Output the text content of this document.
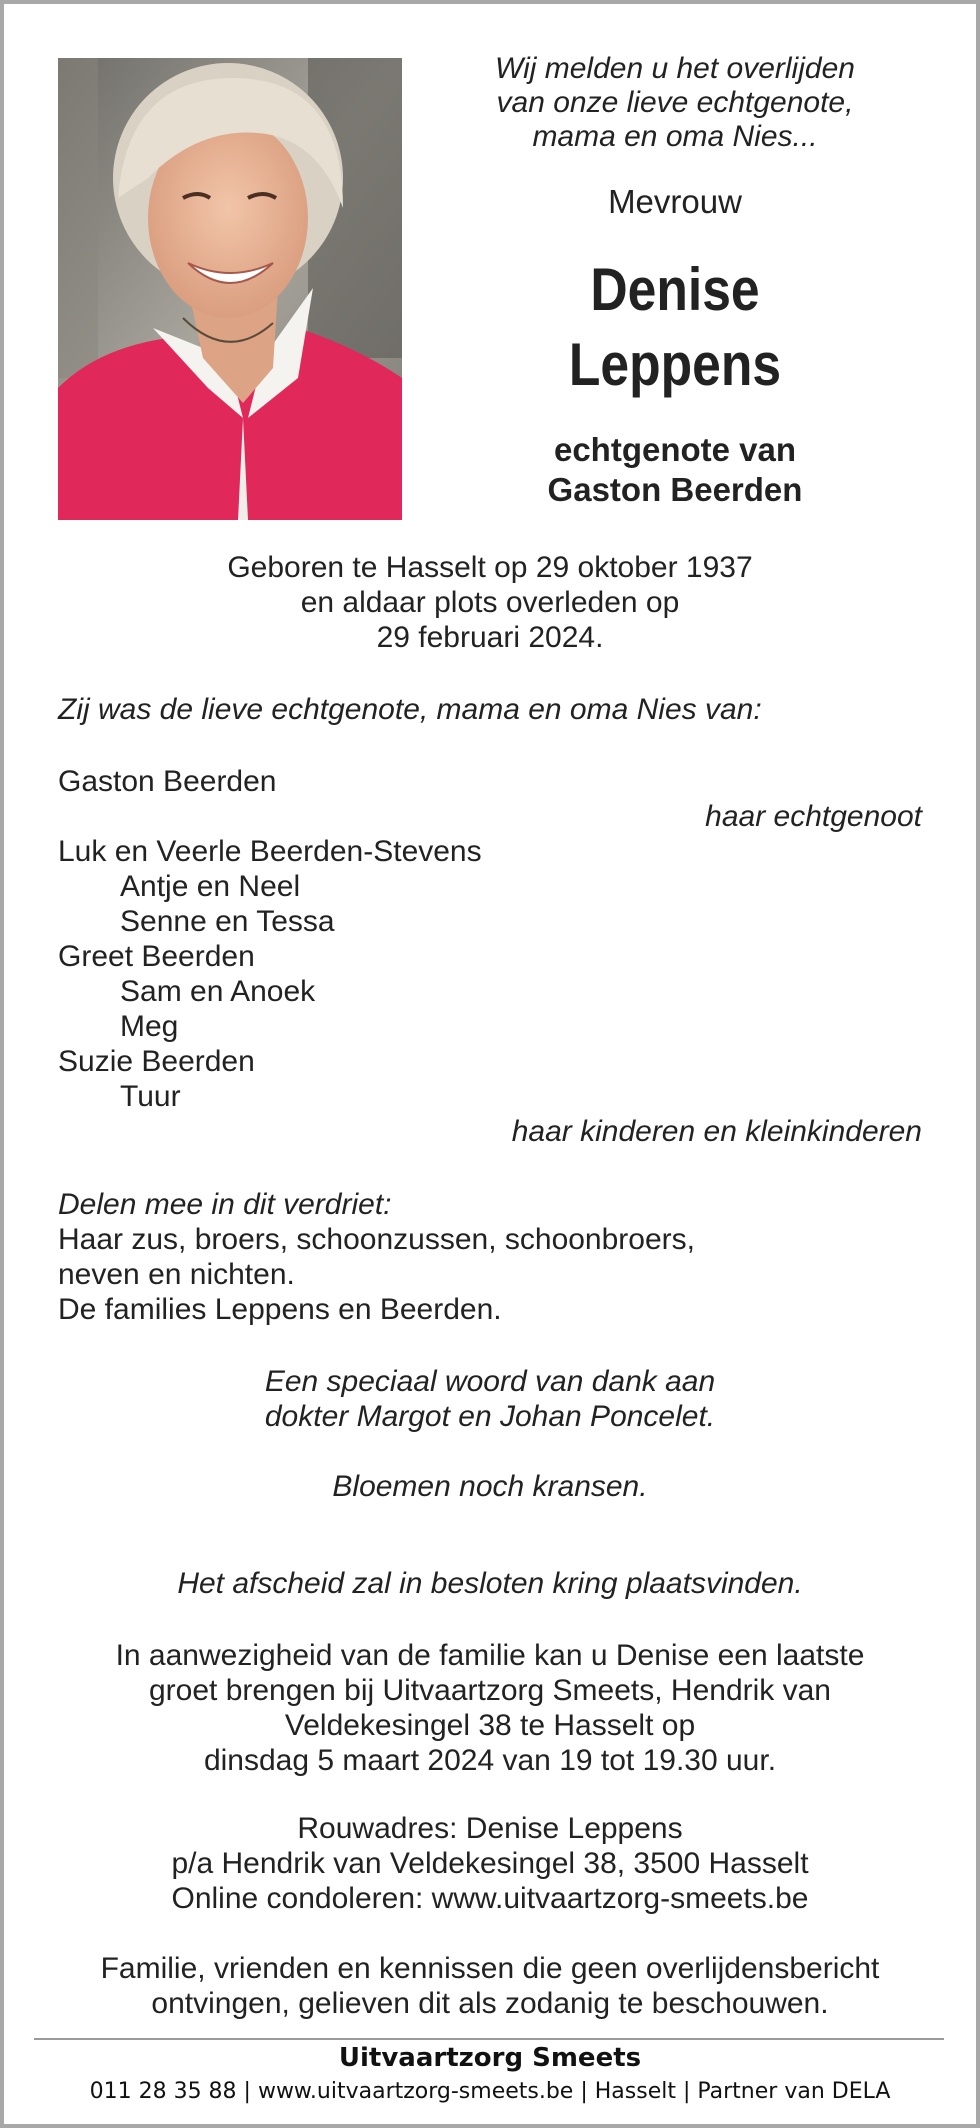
Wij melden u het overlijden
van onze lieve echtgenote,
mama en oma Nies...
Mevrouw
Denise
Leppens
echtgenote van
Gaston Beerden
Geboren te Hasselt op 29 oktober 1937
en aldaar plots overleden op
29 februari 2024.
Zij was de lieve echtgenote, mama en oma Nies van:
Gaston Beerden
haar echtgenoot
Luk en Veerle Beerden-Stevens
Antje en Neel
Senne en Tessa
Greet Beerden
Sam en Anoek
Meg
Suzie Beerden
Tuur
haar kinderen en kleinkinderen
Delen mee in dit verdriet:
Haar zus, broers, schoonzussen, schoonbroers,
neven en nichten.
De families Leppens en Beerden.
Een speciaal woord van dank aan
dokter Margot en Johan Poncelet.
Bloemen noch kransen.
Het afscheid zal in besloten kring plaatsvinden.
In aanwezigheid van de familie kan u Denise een laatste
groet brengen bij Uitvaartzorg Smeets, Hendrik van
Veldekesingel 38 te Hasselt op
dinsdag 5 maart 2024 van 19 tot 19.30 uur.
Rouwadres: Denise Leppens
p/a Hendrik van Veldekesingel 38, 3500 Hasselt
Online condoleren: www.uitvaartzorg-smeets.be
Familie, vrienden en kennissen die geen overlijdensbericht
ontvingen, gelieven dit als zodanig te beschouwen.
Uitvaartzorg Smeets
011 28 35 88 | www.uitvaartzorg-smeets.be | Hasselt | Partner van DELA
